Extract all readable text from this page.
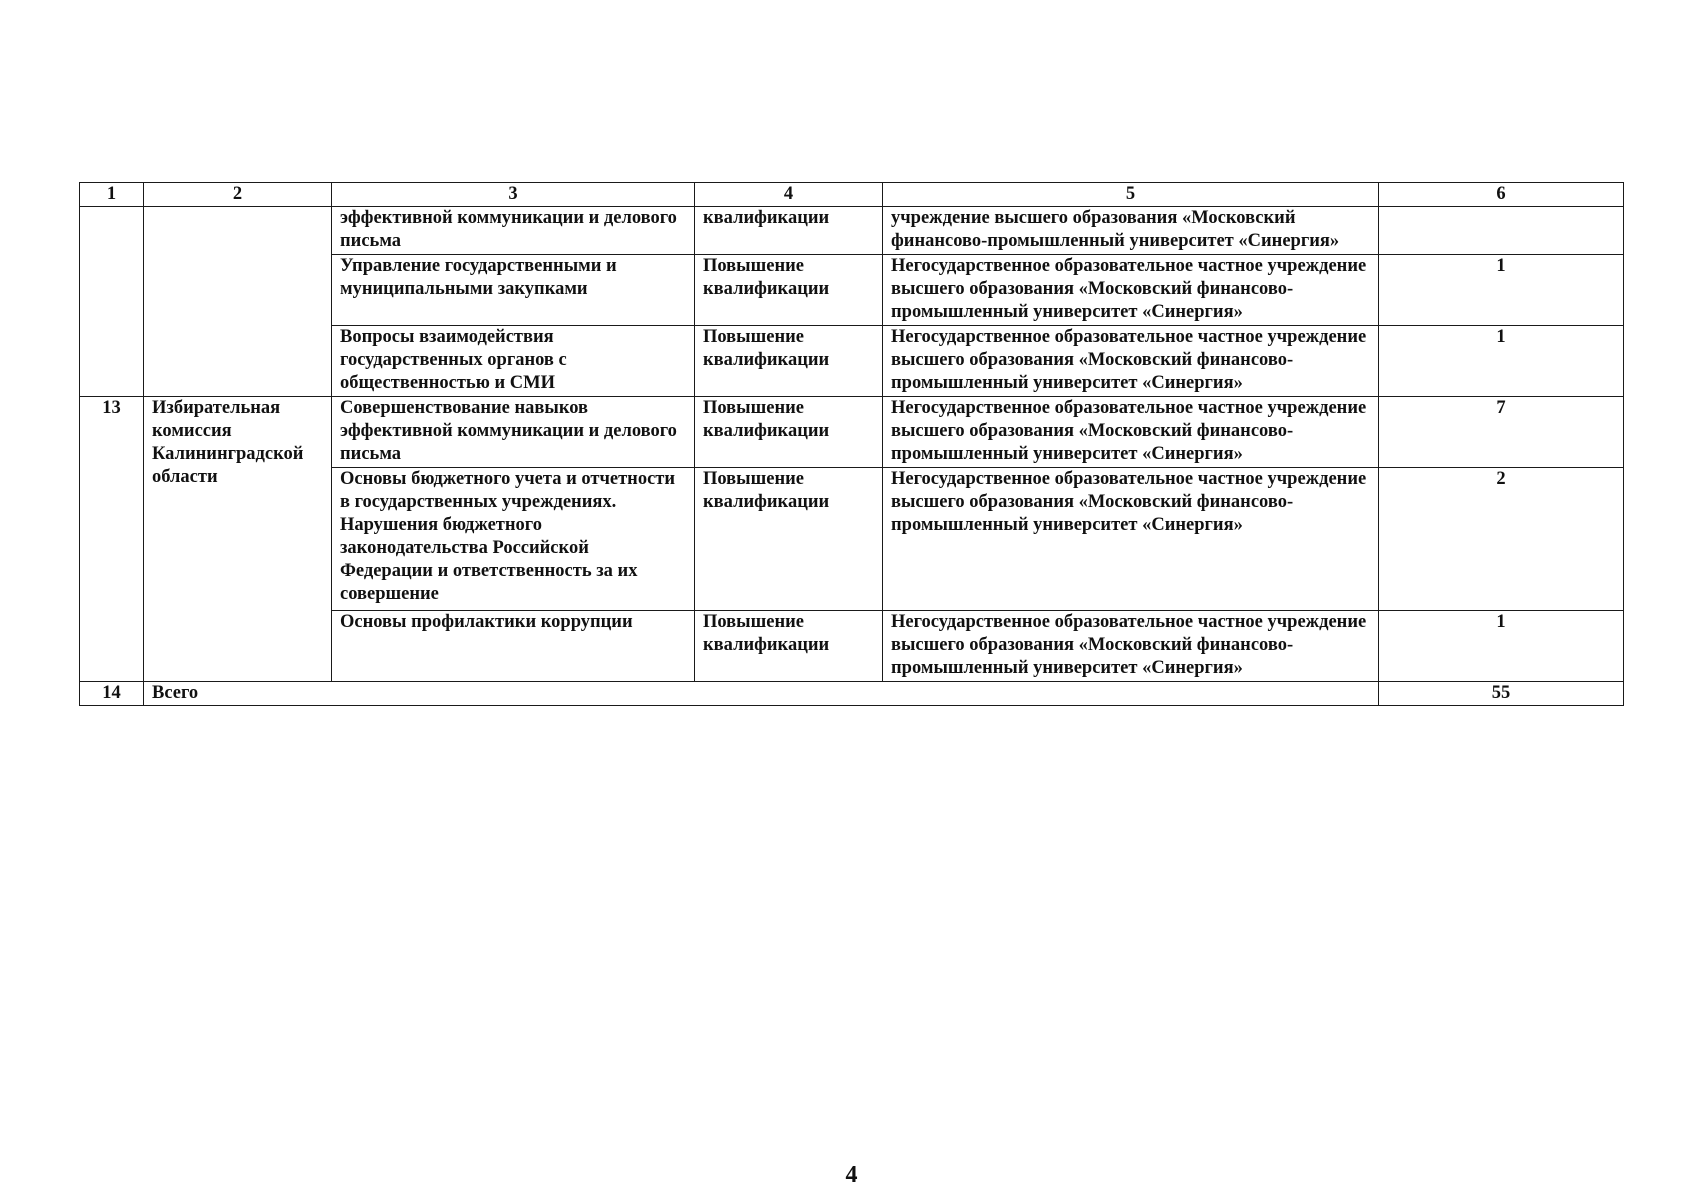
1	2	3	4	5	6
		эффективной коммуникации и делового письма	квалификации	учреждение высшего образования «Московский финансово-промышленный университет «Синергия»	
		Управление государственными и муниципальными закупками	Повышение квалификации	Негосударственное образовательное частное учреждение высшего образования «Московский финансово-промышленный университет «Синергия»	1
		Вопросы взаимодействия государственных органов с общественностью и СМИ	Повышение квалификации	Негосударственное образовательное частное учреждение высшего образования «Московский финансово-промышленный университет «Синергия»	1
13	Избирательная комиссия Калининградской области	Совершенствование навыков эффективной коммуникации и делового письма	Повышение квалификации	Негосударственное образовательное частное учреждение высшего образования «Московский финансово-промышленный университет «Синергия»	7
		Основы бюджетного учета и отчетности в государственных учреждениях. Нарушения бюджетного законодательства Российской Федерации и ответственность за их совершение	Повышение квалификации	Негосударственное образовательное частное учреждение высшего образования «Московский финансово-промышленный университет «Синергия»	2
		Основы профилактики коррупции	Повышение квалификации	Негосударственное образовательное частное учреждение высшего образования «Московский финансово-промышленный университет «Синергия»	1
14	Всего				55
4
